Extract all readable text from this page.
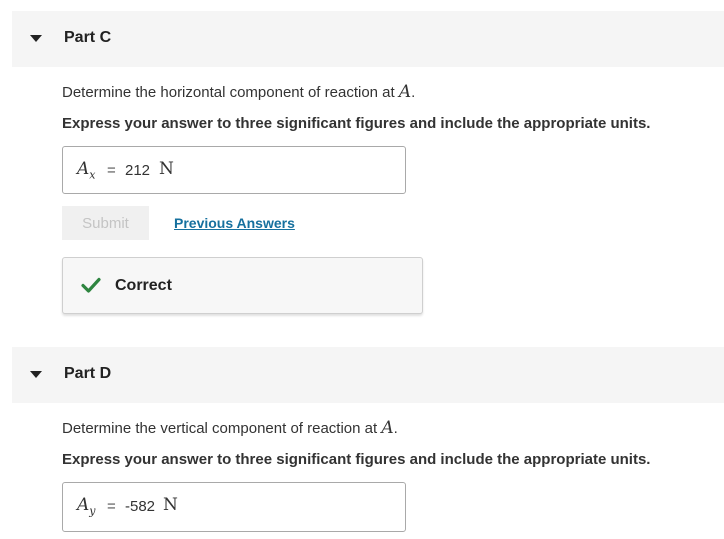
Part C
Determine the horizontal component of reaction at A.
Express your answer to three significant figures and include the appropriate units.
$A_x = 212$ N
Submit	Previous Answers
Correct
Part D
Determine the vertical component of reaction at A.
Express your answer to three significant figures and include the appropriate units.
$A_y = -582$ N
